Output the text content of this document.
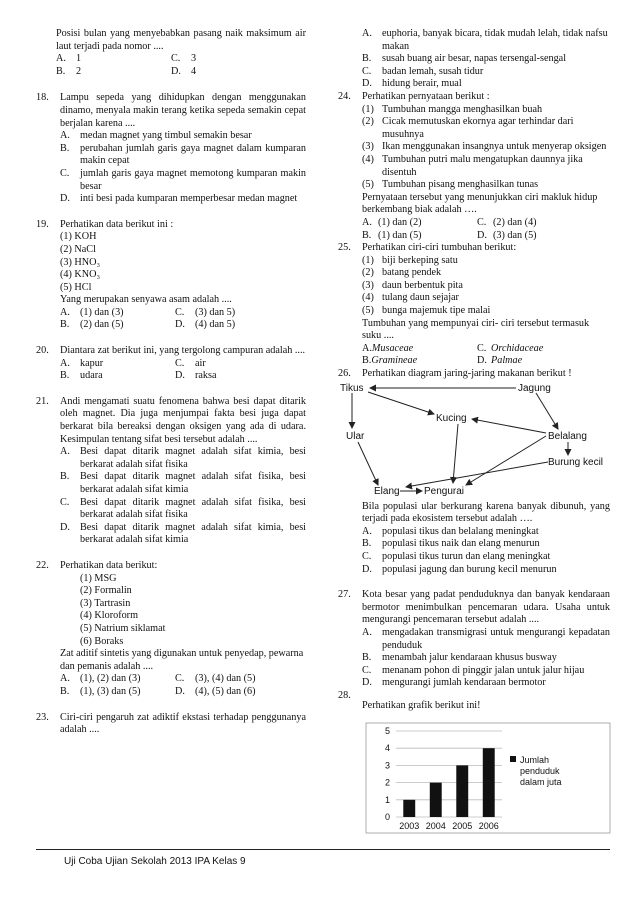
Posisi bulan yang menyebabkan pasang naik maksimum air laut terjadi pada nomor ....

A. 1	C. 3
B. 2	D. 4
18.	Lampu sepeda yang dihidupkan dengan menggunakan dinamo, menyala makin terang ketika sepeda semakin cepat berjalan karena ....

A. medan magnet yang timbul semakin besar
B.	perubahan jumlah garis gaya magnet dalam kumparan makin cepat
C.	jumlah garis gaya magnet memotong kumparan makin besar
D. inti besi pada kumparan memperbesar medan magnet
19.	Perhatikan data berikut ini :

(1) KOH
(2) NaCl
(3) HNO₃
(4) KNO₃
(5) HCl
Yang merupakan senyawa asam adalah ....
A. (1) dan (3)	C. (3) dan 5)
B. (2) dan (5)	D. (4) dan 5)
20.	Diantara zat berikut ini, yang tergolong campuran adalah ....

A. kapur	C. air
B. udara	D. raksa
21.	Andi mengamati suatu fenomena bahwa besi dapat ditarik oleh magnet. Dia juga menjumpai fakta besi juga dapat berkarat bila bereaksi dengan oksigen yang ada di udara. Kesimpulan tentang sifat besi tersebut adalah ....

A. Besi dapat ditarik magnet adalah sifat kimia, besi berkarat adalah sifat fisika
B.	Besi dapat ditarik magnet adalah sifat fisika, besi berkarat adalah sifat kimia
C.	Besi dapat ditarik magnet adalah sifat fisika, besi berkarat adalah sifat fisika
D. Besi dapat ditarik magnet adalah sifat kimia, besi berkarat adalah sifat kimia
22.	Perhatikan data berikut:

(1) MSG
(2) Formalin
(3) Tartrasin
(4) Kloroform
(5) Natrium siklamat
(6) Boraks
Zat aditif sintetis yang digunakan untuk penyedap, pewarna dan pemanis adalah ....
A. (1), (2) dan (3)	C. (3), (4) dan (5)
B. (1), (3) dan (5)	D. (4), (5) dan (6)
23.	Ciri-ciri pengaruh zat adiktif ekstasi terhadap penggunanya adalah ....

A. euphoria, banyak bicara, tidak mudah lelah, tidak nafsu makan
B.	susah buang air besar, napas tersengal-sengal
C.	badan lemah, susah tidur
D. hidung berair, mual
24.	Perhatikan pernyataan berikut :

(1) Tumbuhan mangga menghasilkan buah
(2) Cicak memutuskan ekornya agar terhindar dari musuhnya
(3) Ikan menggunakan insangnya untuk menyerap oksigen
(4) Tumbuhan putri malu mengatupkan daunnya jika disentuh
(5) Tumbuhan pisang menghasilkan tunas
Pernyataan tersebut yang menunjukkan ciri makluk hidup berkembang biak adalah ….
A. (1) dan (2)	C. (2) dan (4)
B. (1) dan (5)	D. (3) dan (5)
25.	Perhatikan ciri-ciri tumbuhan berikut:

(1) biji berkeping satu
(2) batang pendek
(3) daun berbentuk pita
(4) tulang daun sejajar
(5) bunga majemuk tipe malai
Tumbuhan yang mempunyai ciri- ciri tersebut termasuk suku ....
A.Musaceae	C. Orchidaceae
B.Gramineae	D. Palmae
26.	Perhatikan diagram jaring-jaring makanan berikut !

Tikus	Jagung
Kucing
Ular	Belalang
Burung kecil
Elang Pengurai

Bila populasi ular berkurang karena banyak dibunuh, yang terjadi pada ekosistem tersebut adalah ….

A. populasi tikus dan belalang meningkat
B.	populasi tikus naik dan elang menurun
C.	populasi tikus turun dan elang meningkat
D. populasi jagung dan burung kecil menurun
27.	Kota besar yang padat penduduknya dan banyak kendaraan bermotor menimbulkan pencemaran udara. Usaha untuk mengurangi pencemaran tersebut adalah ....

A. mengadakan transmigrasi untuk mengurangi kepadatan penduduk
B.	menambah jalur kendaraan khusus busway
C.	menanam pohon di pinggir jalan untuk jalur hijau
D. mengurangi jumlah kendaraan bermotor
28.

Perhatikan grafik berikut ini!

0
1
2
3
4
5
2003 2004 2005 2006
Jumlah
penduduk
dalam juta
Uji Coba Ujian Sekolah 2013 IPA Kelas 9
